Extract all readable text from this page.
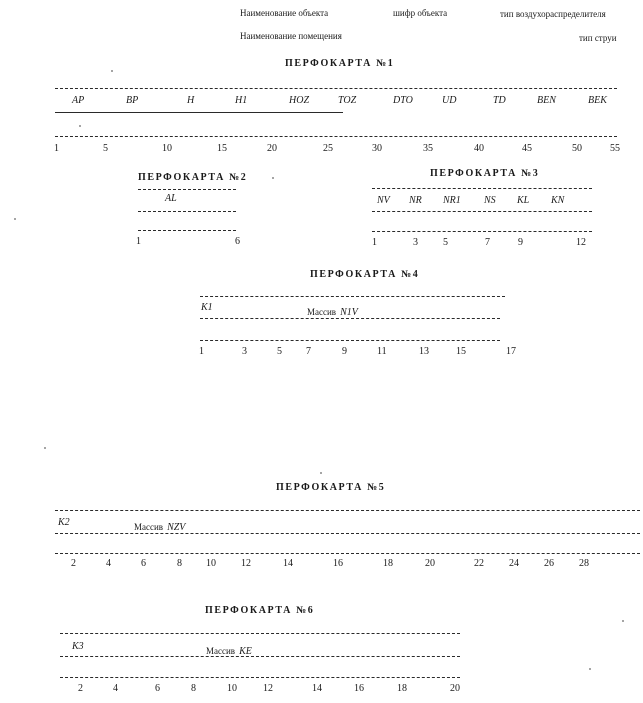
Наименование объекта	шифр объекта	тип воздухораспределителя
Наименование помещения	тип струи
ПЕРФОКАРТА №1
AP	BP	H	H1	HOZ	TOZ	DTO	UD	TD	BEN	BEK
1	5	10	15	20	25	30	35	40	45	50	55
ПЕРФОКАРТА №2
AL
1	6
ПЕРФОКАРТА №3
NV NR NR1 NS KL KN
1	3	5	7	9	12
ПЕРФОКАРТА №4
K1	Массив N1V
1	3	5 7	9	11	13	15	17
ПЕРФОКАРТА №5
K2	Массив NZV
2	4	6	8 10	12	14	16	18	20	22	24	26	28
ПЕРФОКАРТА №6
K3	Массив KE
2	4	6	8	10	12	14	16	18	20
